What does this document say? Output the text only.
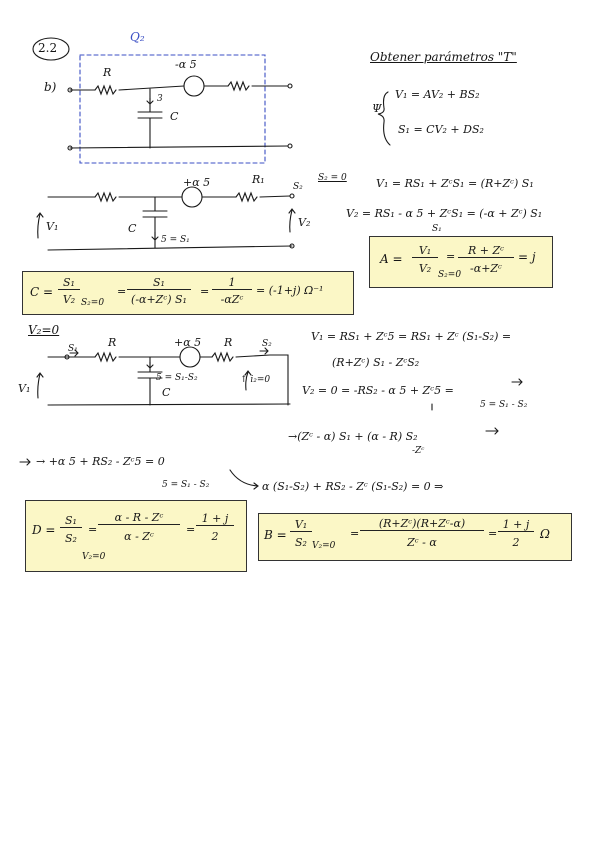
2.2
b)
Q₂
Obtener parámetros "T"
R
-α 5
C
3
Ψ
V₁ = AV₂ + BS₂
S₁ = CV₂ + DS₂
+α 5	R₁
S₂
S₂ = 0
V₁	V₂
C
5 = S₁
V₁ = RS₁ + ZᶜS₁ = (R+Zᶜ) S₁
V₂ = RS₁ - α 5 + ZᶜS₁ = (-α + Zᶜ) S₁
S₁
A =
V₁
V₂ S₂=0
=	R + Zᶜ
-α+Zᶜ
= j
C =
S₁
V₂ S₂=0
=
S₁
(-α+Zᶜ) S₁
=
1
-αZᶜ
= (-1+j) Ω⁻¹
V₂=0
S₁	R	+α 5 R	S₂
V₁	C
5 = S₁-S₂	↑ i₂=0
V₁ = RS₁ + Zᶜ5 = RS₁ + Zᶜ (S₁-S₂) =
(R+Zᶜ) S₁ - ZᶜS₂
V₂ = 0 = -RS₂ - α 5 + Zᶜ5 =
5 = S₁ - S₂
→(Zᶜ - α) S₁ + (α - R) S₂
-Zᶜ
→ +α 5 + RS₂ - Zᶜ5 = 0
5 = S₁ - S₂	α (S₁-S₂) + RS₂ - Zᶜ (S₁-S₂) = 0 ⇒
D =
S₁
S₂
V₂=0
=
α - R - Zᶜ
α - Zᶜ
=
1 + j
2	B =
V₁
S₂ V₂=0
=
(R+Zᶜ)(R+Zᶜ-α)
Zᶜ - α
=
1 + j
2
Ω
